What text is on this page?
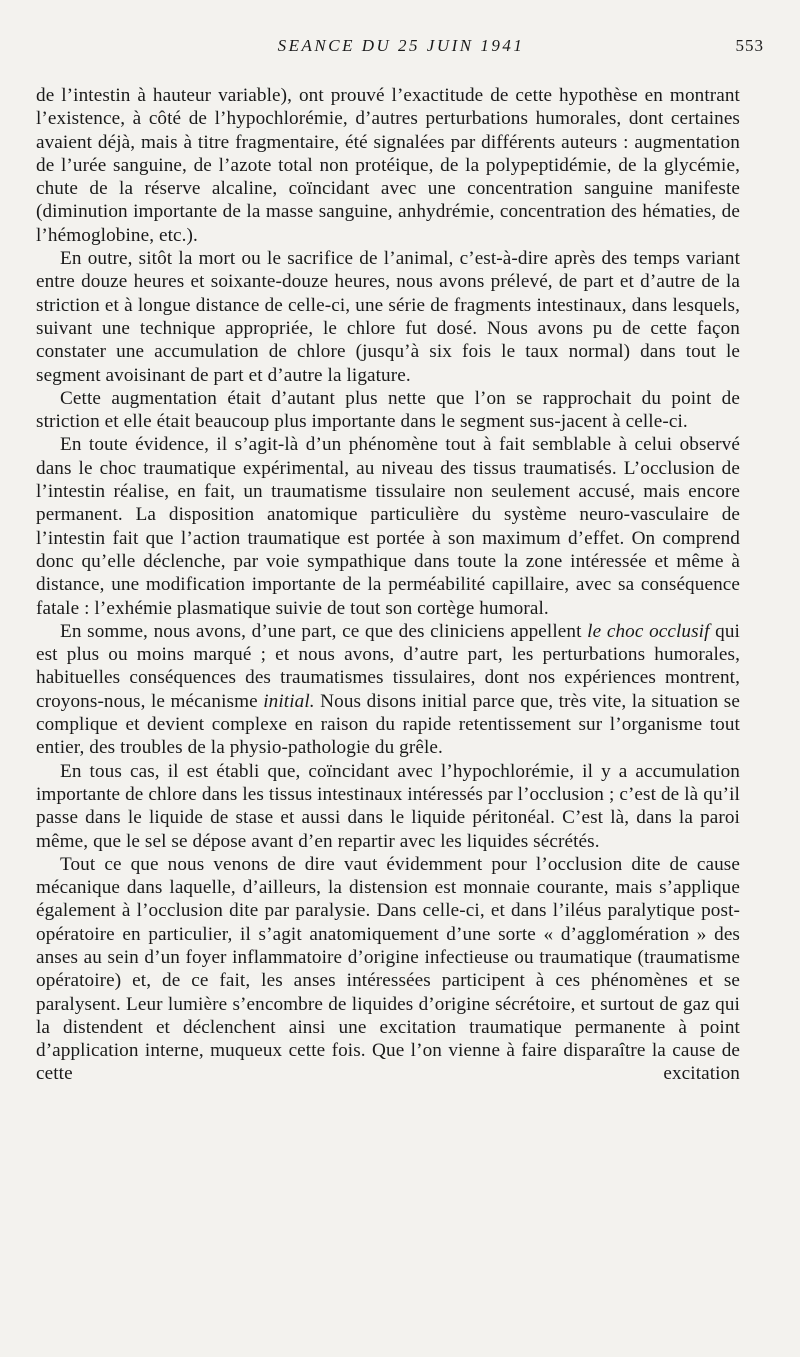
SEANCE DU 25 JUIN 1941	553

de l’intestin à hauteur variable), ont prouvé l’exactitude de cette hypothèse en montrant l’existence, à côté de l’hypochlorémie, d’autres perturbations humorales, dont certaines avaient déjà, mais à titre fragmentaire, été signalées par différents auteurs : augmentation de l’urée sanguine, de l’azote total non protéique, de la polypeptidémie, de la glycémie, chute de la réserve alcaline, coïncidant avec une concentration sanguine manifeste (diminution importante de la masse sanguine, anhydrémie, concentration des hématies, de l’hémoglobine, etc.).

En outre, sitôt la mort ou le sacrifice de l’animal, c’est-à-dire après des temps variant entre douze heures et soixante-douze heures, nous avons prélevé, de part et d’autre de la striction et à longue distance de celle-ci, une série de fragments intestinaux, dans lesquels, suivant une technique appropriée, le chlore fut dosé. Nous avons pu de cette façon constater une accumulation de chlore (jusqu’à six fois le taux normal) dans tout le segment avoisinant de part et d’autre la ligature.

Cette augmentation était d’autant plus nette que l’on se rapprochait du point de striction et elle était beaucoup plus importante dans le segment sus-jacent à celle-ci.

En toute évidence, il s’agit-là d’un phénomène tout à fait semblable à celui observé dans le choc traumatique expérimental, au niveau des tissus traumatisés. L’occlusion de l’intestin réalise, en fait, un traumatisme tissulaire non seulement accusé, mais encore permanent. La disposition anatomique particulière du système neuro-vasculaire de l’intestin fait que l’action traumatique est portée à son maximum d’effet. On comprend donc qu’elle déclenche, par voie sympathique dans toute la zone intéressée et même à distance, une modification importante de la perméabilité capillaire, avec sa conséquence fatale : l’exhémie plasmatique suivie de tout son cortège humoral.

En somme, nous avons, d’une part, ce que des cliniciens appellent le choc occlusif qui est plus ou moins marqué ; et nous avons, d’autre part, les perturbations humorales, habituelles conséquences des traumatismes tissulaires, dont nos expériences montrent, croyons-nous, le mécanisme initial. Nous disons initial parce que, très vite, la situation se complique et devient complexe en raison du rapide retentissement sur l’organisme tout entier, des troubles de la physio-pathologie du grêle.

En tous cas, il est établi que, coïncidant avec l’hypochlorémie, il y a accumulation importante de chlore dans les tissus intestinaux intéressés par l’occlusion ; c’est de là qu’il passe dans le liquide de stase et aussi dans le liquide péritonéal. C’est là, dans la paroi même, que le sel se dépose avant d’en repartir avec les liquides sécrétés.

Tout ce que nous venons de dire vaut évidemment pour l’occlusion dite de cause mécanique dans laquelle, d’ailleurs, la distension est monnaie courante, mais s’applique également à l’occlusion dite par paralysie. Dans celle-ci, et dans l’iléus paralytique post-opératoire en particulier, il s’agit anatomiquement d’une sorte « d’agglomération » des anses au sein d’un foyer inflammatoire d’origine infectieuse ou traumatique (traumatisme opératoire) et, de ce fait, les anses intéressées participent à ces phénomènes et se paralysent. Leur lumière s’encombre de liquides d’origine sécrétoire, et surtout de gaz qui la distendent et déclenchent ainsi une excitation traumatique permanente à point d’application interne, muqueux cette fois. Que l’on vienne à faire disparaître la cause de cette excitation
